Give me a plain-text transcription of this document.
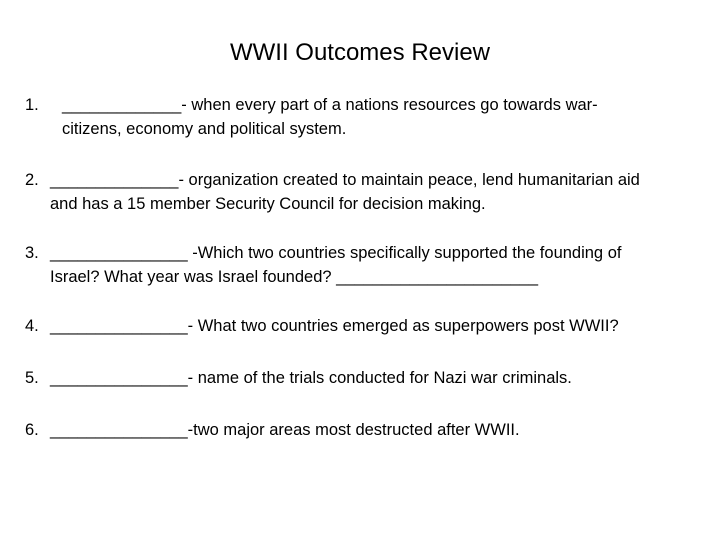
WWII Outcomes Review
1. _____________- when every part of a nations resources go towards war-
citizens, economy and political system.
2. ______________- organization created to maintain peace, lend humanitarian aid
and has a 15 member Security Council for decision making.
3. _______________ -Which two countries specifically supported the founding of
Israel? What year was Israel founded? ______________________
4. _______________- What two countries emerged as superpowers post WWII?
5. _______________- name of the trials conducted for Nazi war criminals.
6. _______________-two major areas most destructed after WWII.
